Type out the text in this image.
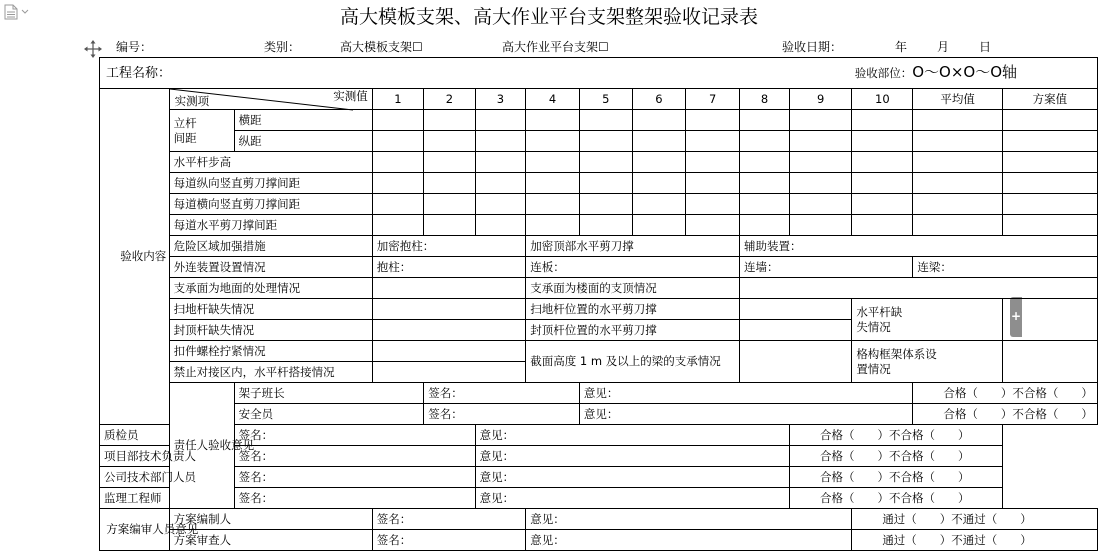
高大模板支架、高大作业平台支架整架验收记录表
编号：	类别：	高大模板支架☐	高大作业平台支架☐	验收日期：	年 月 日
+
工程名称： 验收部位：O～O×O～O轴														

验收内容	实测项 实测值		1	2	3	4	5	6	7	8	9	10	平均值	方案值
	立杆间距	横距												
		纵距												
	水平杆步高													
	每道纵向竖直剪刀撑间距													
	每道横向竖直剪刀撑间距													
	每道水平剪刀撑间距													
	危险区域加强措施		加密抱柱：			加密顶部水平剪刀撑				辅助装置：				
	外连装置设置情况		抱柱：			连板：				连墙：			连梁：	
	支承面为地面的处理情况					支承面为楼面的支顶情况								
	扫地杆缺失情况					扫地杆位置的水平剪刀撑						水平杆缺失情况		
	封顶杆缺失情况					封顶杆位置的水平剪刀撑								
	扣件螺栓拧紧情况					截面高度 1 m 及以上的梁的支承情况						格构框架体系设置情况		
	禁止对接区内，水平杆搭接情况													
	责任人验收意见	架子班长		签名：			意见：						合格（　　）不合格（　　）	
		安全员		签名：			意见：						合格（　　）不合格（　　）	
质检员		签名：			意见：						合格（　　）不合格（　　）			
项目部技术负责人		签名：			意见：						合格（　　）不合格（　　）			
公司技术部门人员		签名：			意见：						合格（　　）不合格（　　）			
监理工程师		签名：			意见：						合格（　　）不合格（　　）			
方案编审人员意见	方案编制人		签名：			意见：						通过（　　）不通过（　　）		
	方案审查人		签名：			意见：						通过（　　）不通过（　　）		
